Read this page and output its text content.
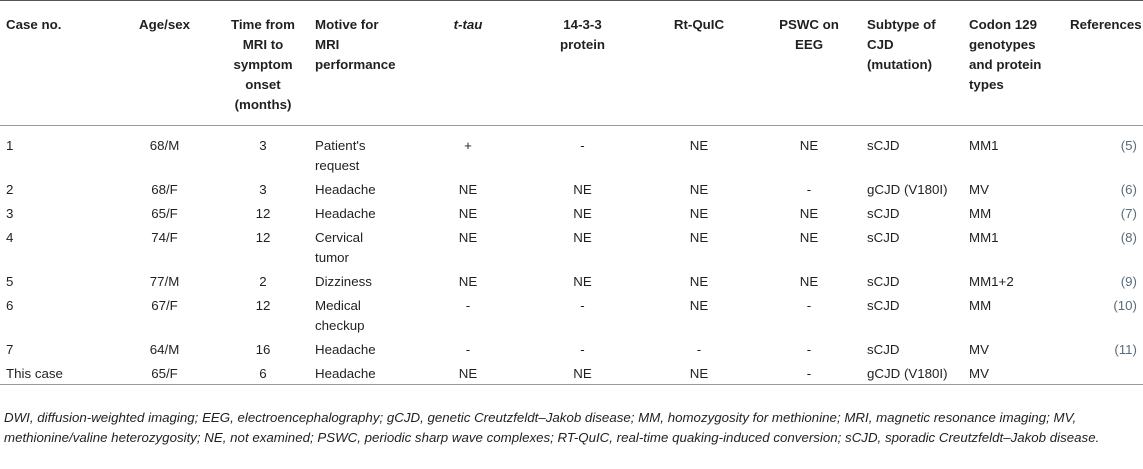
Case no.	Age/sex	Time from
MRI to
symptom
onset
(months)	Motive for
MRI
performance	t-tau	14-3-3
protein	Rt-QuIC	PSWC on
EEG	Subtype of
CJD
(mutation)	Codon 129
genotypes
and protein
types	References
1	68/M	3	Patient's
request	+	-	NE	NE	sCJD	MM1	(5)
2	68/F	3	Headache	NE	NE	NE	-	gCJD (V180I)	MV	(6)
3	65/F	12	Headache	NE	NE	NE	NE	sCJD	MM	(7)
4	74/F	12	Cervical
tumor	NE	NE	NE	NE	sCJD	MM1	(8)
5	77/M	2	Dizziness	NE	NE	NE	NE	sCJD	MM1+2	(9)
6	67/F	12	Medical
checkup	-	-	NE	-	sCJD	MM	(10)
7	64/M	16	Headache	-	-	-	-	sCJD	MV	(11)
This case	65/F	6	Headache	NE	NE	NE	-	gCJD (V180I)	MV	
DWI, diffusion-weighted imaging; EEG, electroencephalography; gCJD, genetic Creutzfeldt–Jakob disease; MM, homozygosity for methionine; MRI, magnetic resonance imaging; MV, methionine/valine heterozygosity; NE, not examined; PSWC, periodic sharp wave complexes; RT-QuIC, real-time quaking-induced conversion; sCJD, sporadic Creutzfeldt–Jakob disease.
